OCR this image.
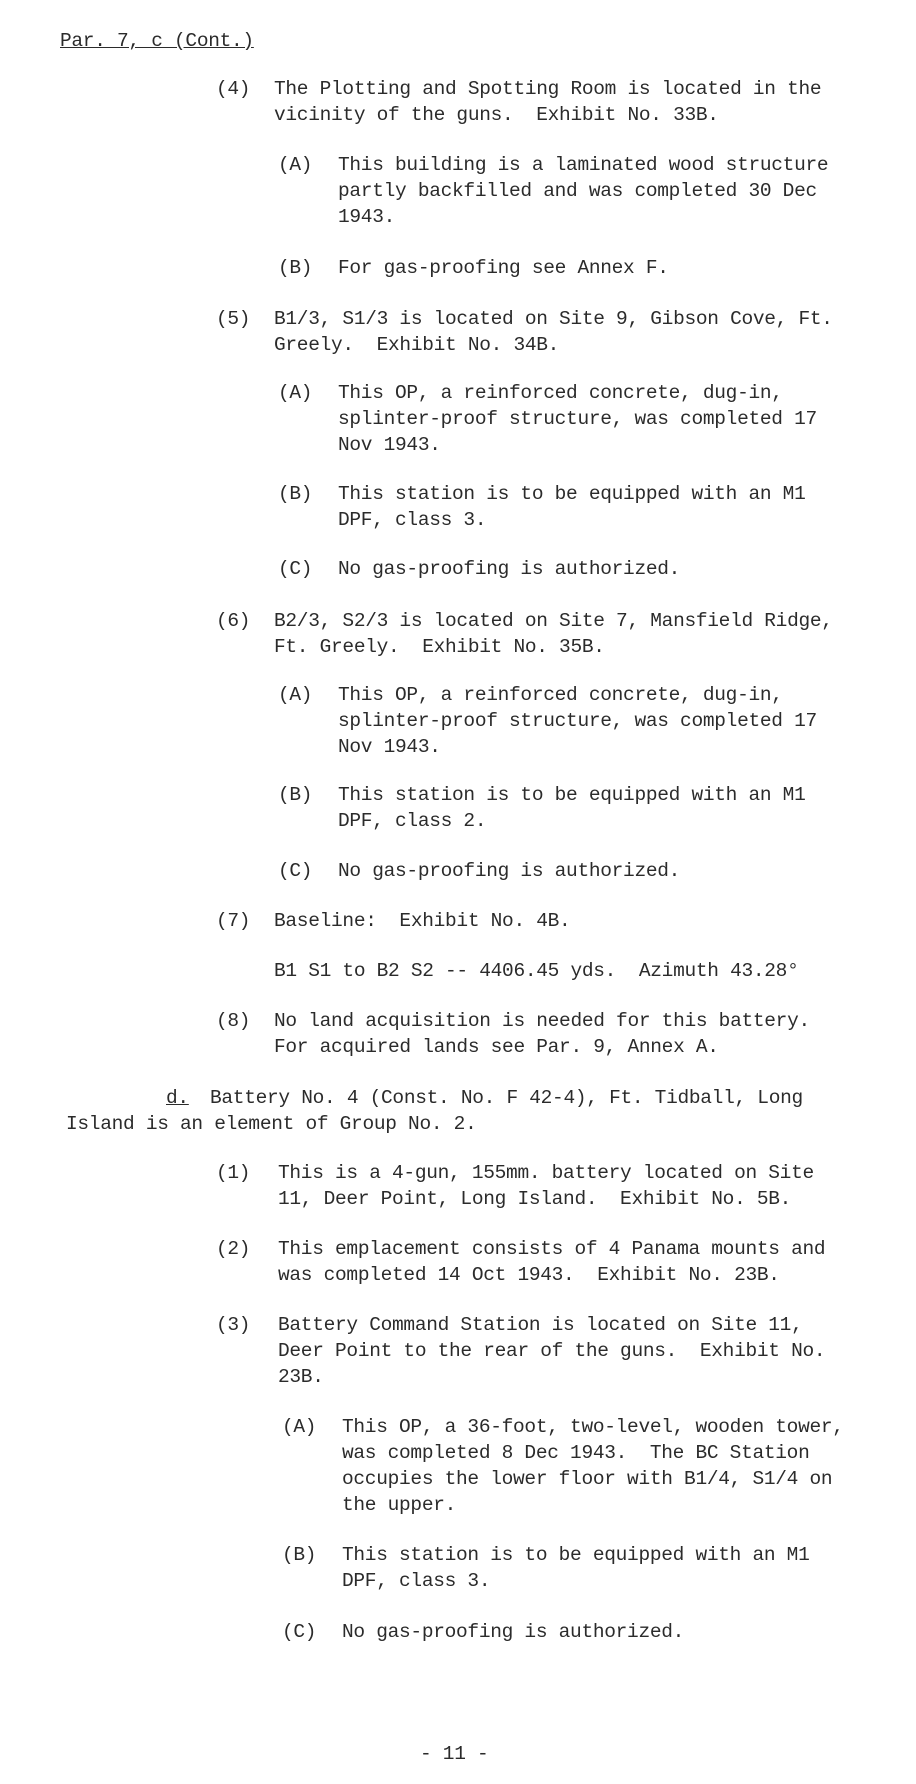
Par. 7, c (Cont.)
(4) The Plotting and Spotting Room is located in the
vicinity of the guns.  Exhibit No. 33B.
(A) This building is a laminated wood structure
partly backfilled and was completed 30 Dec
1943.
(B) For gas-proofing see Annex F.
(5) B1/3, S1/3 is located on Site 9, Gibson Cove, Ft.
Greely.  Exhibit No. 34B.
(A) This OP, a reinforced concrete, dug-in,
splinter-proof structure, was completed 17
Nov 1943.
(B) This station is to be equipped with an M1
DPF, class 3.
(C) No gas-proofing is authorized.
(6) B2/3, S2/3 is located on Site 7, Mansfield Ridge,
Ft. Greely.  Exhibit No. 35B.
(A) This OP, a reinforced concrete, dug-in,
splinter-proof structure, was completed 17
Nov 1943.
(B) This station is to be equipped with an M1
DPF, class 2.
(C) No gas-proofing is authorized.
(7) Baseline:  Exhibit No. 4B.
B1 S1 to B2 S2 -- 4406.45 yds.  Azimuth 43.28°
(8) No land acquisition is needed for this battery.
For acquired lands see Par. 9, Annex A.
d. Battery No. 4 (Const. No. F 42-4), Ft. Tidball, Long
Island is an element of Group No. 2.
(1) This is a 4-gun, 155mm. battery located on Site
11, Deer Point, Long Island.  Exhibit No. 5B.
(2) This emplacement consists of 4 Panama mounts and
was completed 14 Oct 1943.  Exhibit No. 23B.
(3) Battery Command Station is located on Site 11,
Deer Point to the rear of the guns.  Exhibit No.
23B.
(A) This OP, a 36-foot, two-level, wooden tower,
was completed 8 Dec 1943.  The BC Station
occupies the lower floor with B1/4, S1/4 on
the upper.
(B) This station is to be equipped with an M1
DPF, class 3.
(C) No gas-proofing is authorized.
- 11 -
